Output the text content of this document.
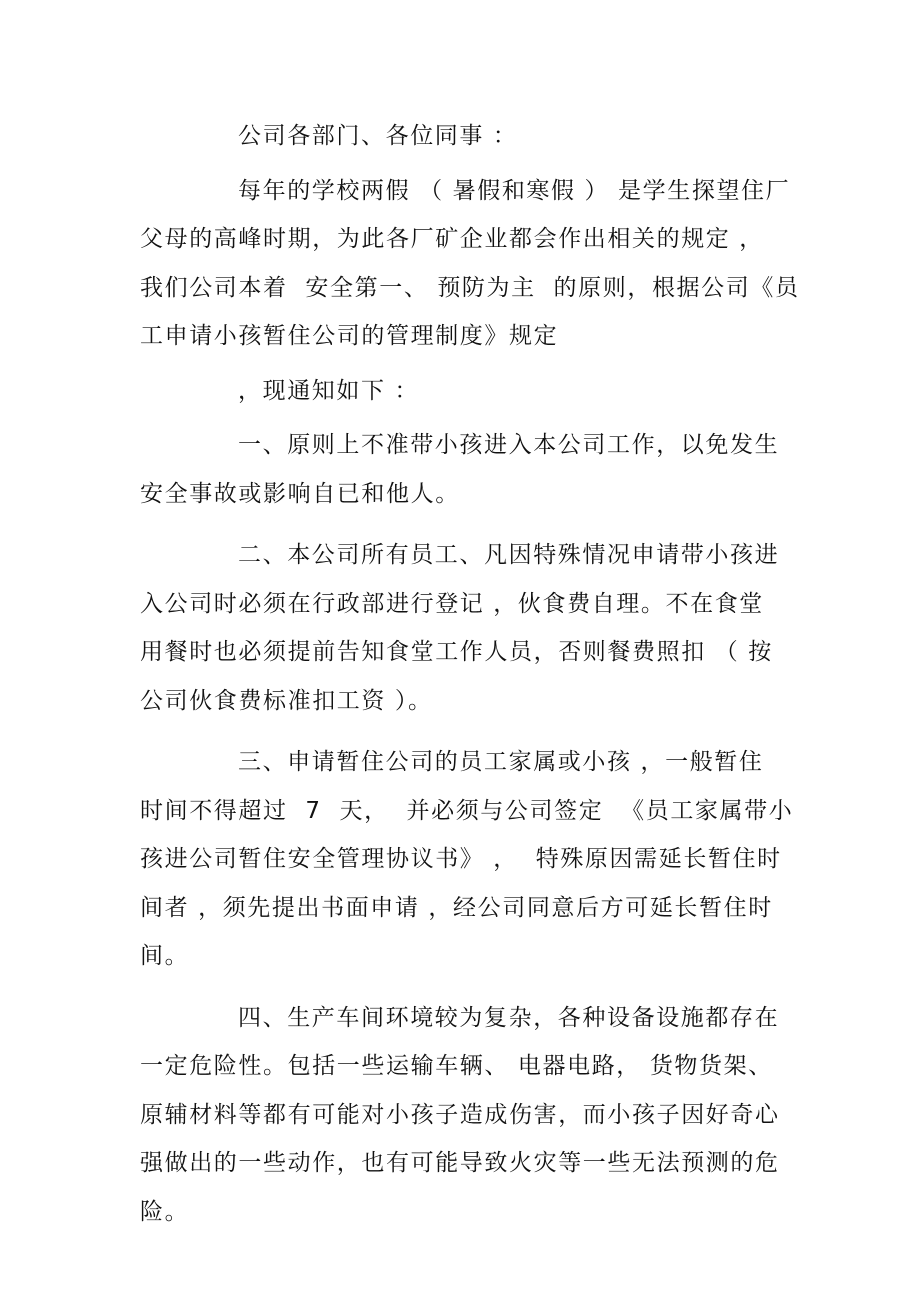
公司各部门、各位同事 ：
每年的学校两假 （ 暑假和寒假 ） 是学生探望住厂
父母的高峰时期，为此各厂矿企业都会作出相关的规定 ，
我们公司本着  安全第一、 预防为主  的原则，根据公司《员
工申请小孩暂住公司的管理制度》规定
，现通知如下 ：
一、原则上不准带小孩进入本公司工作，以免发生
安全事故或影响自已和他人。
二、本公司所有员工、凡因特殊情况申请带小孩进
入公司时必须在行政部进行登记 ，伙食费自理。不在食堂
用餐时也必须提前告知食堂工作人员，否则餐费照扣 （ 按
公司伙食费标准扣工资 ）。
三、申请暂住公司的员工家属或小孩 ，一般暂住
时间不得超过  7  天，  并必须与公司签定  《员工家属带小
孩进公司暂住安全管理协议书》 ，  特殊原因需延长暂住时
间者 ，须先提出书面申请 ，经公司同意后方可延长暂住时
间。
四、生产车间环境较为复杂，各种设备设施都存在
一定危险性。包括一些运输车辆、 电器电路， 货物货架、
原辅材料等都有可能对小孩子造成伤害，而小孩子因好奇心
强做出的一些动作，也有可能导致火灾等一些无法预测的危
险。
